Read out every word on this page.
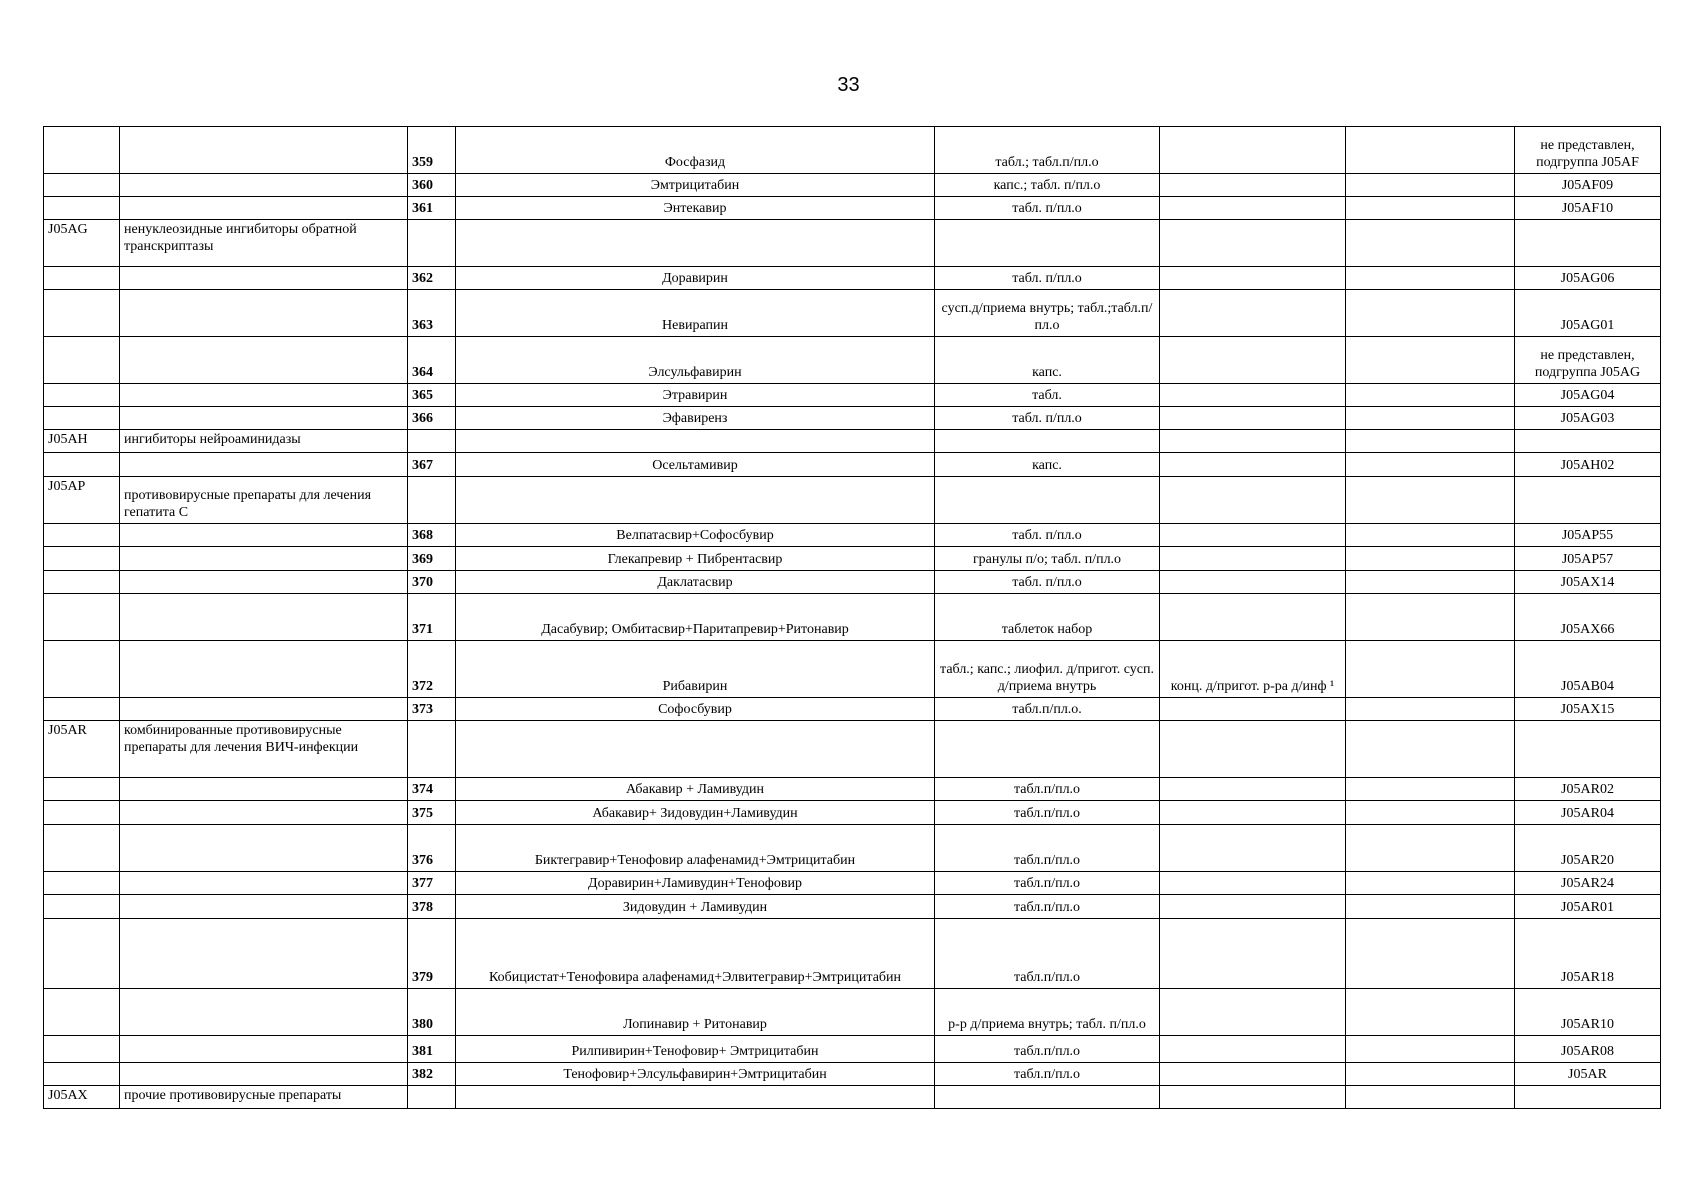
33
		359	Фосфазид	табл.; табл.п/пл.о			не представлен, подгруппа J05AF
		360	Эмтрицитабин	капс.; табл. п/пл.о			J05AF09
		361	Энтекавир	табл. п/пл.о			J05AF10
J05AG	ненуклеозидные ингибиторы обратной транскриптазы						
		362	Доравирин	табл. п/пл.о			J05AG06
		363	Невирапин	сусп.д/приема внутрь; табл.;табл.п/пл.о			J05AG01
		364	Элсульфавирин	капс.			не представлен, подгруппа J05AG
		365	Этравирин	табл.			J05AG04
		366	Эфавиренз	табл. п/пл.о			J05AG03
J05AH	ингибиторы нейроаминидазы						
		367	Осельтамивир	капс.			J05AH02
J05AP	противовирусные препараты для лечения гепатита С						
		368	Велпатасвир+Софосбувир	табл. п/пл.о			J05AP55
		369	Глекапревир + Пибрентасвир	гранулы п/о; табл. п/пл.о			J05AP57
		370	Даклатасвир	табл. п/пл.о			J05AX14
		371	Дасабувир; Омбитасвир+Паритапревир+Ритонавир	таблеток набор			J05AX66
		372	Рибавирин	табл.; капс.; лиофил. д/пригот. сусп. д/приема внутрь	конц. д/пригот. р-ра д/инф ¹		J05AB04
		373	Софосбувир	табл.п/пл.о.			J05AX15
J05AR	комбинированные противовирусные препараты для лечения ВИЧ-инфекции						
		374	Абакавир + Ламивудин	табл.п/пл.о			J05AR02
		375	Абакавир+ Зидовудин+Ламивудин	табл.п/пл.о			J05AR04
		376	Биктегравир+Тенофовир алафенамид+Эмтрицитабин	табл.п/пл.о			J05AR20
		377	Доравирин+Ламивудин+Тенофовир	табл.п/пл.о			J05AR24
		378	Зидовудин + Ламивудин	табл.п/пл.о			J05AR01
		379	Кобицистат+Тенофовира алафенамид+Элвитегравир+Эмтрицитабин	табл.п/пл.о			J05AR18
		380	Лопинавир + Ритонавир	р-р д/приема внутрь; табл. п/пл.о			J05AR10
		381	Рилпивирин+Тенофовир+ Эмтрицитабин	табл.п/пл.о			J05AR08
		382	Тенофовир+Элсульфавирин+Эмтрицитабин	табл.п/пл.о			J05AR
J05AX	прочие противовирусные препараты						
